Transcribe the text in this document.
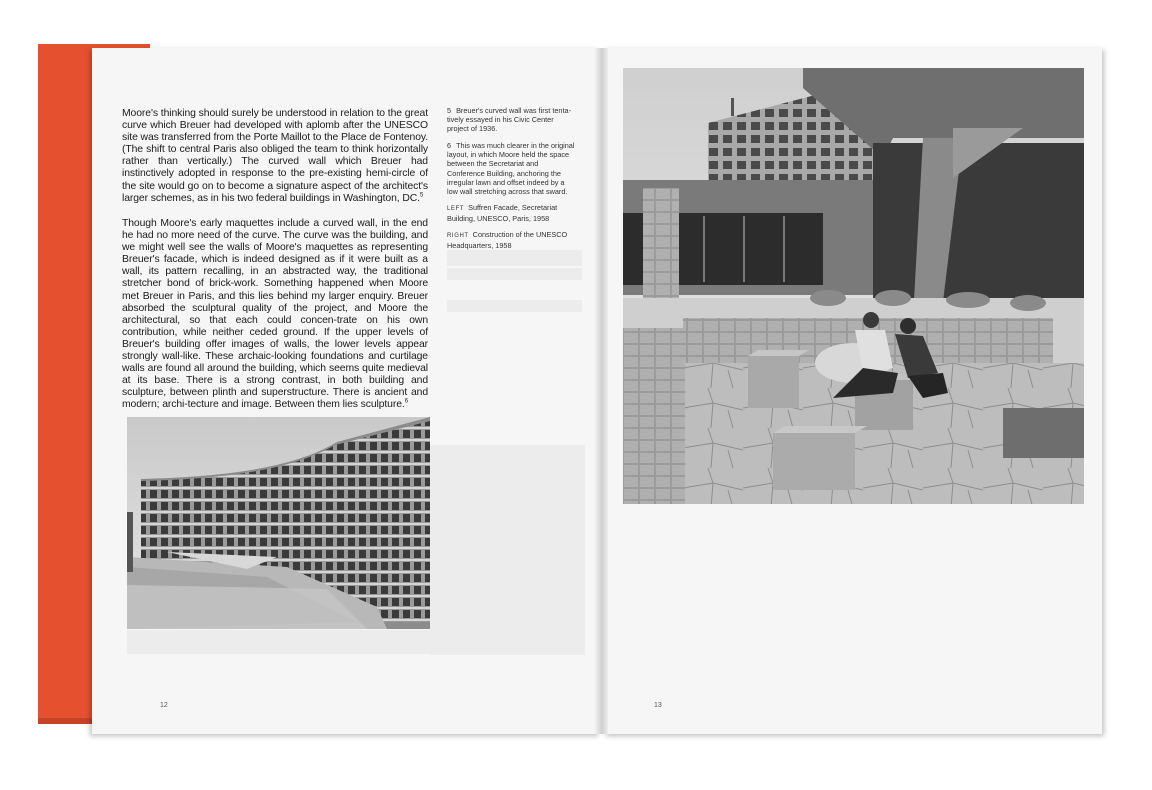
Moore's thinking should surely be understood in relation to the great curve which Breuer had developed with aplomb after the UNESCO site was transferred from the Porte Maillot to the Place de Fontenoy. (The shift to central Paris also obliged the team to think horizontally rather than vertically.) The curved wall which Breuer had instinctively adopted in response to the pre-existing hemi-circle of the site would go on to become a signature aspect of the architect's larger schemes, as in his two federal buildings in Washington, DC.$^5$

Though Moore's early maquettes include a curved wall, in the end he had no more need of the curve. The curve was the building, and we might well see the walls of Moore's maquettes as representing Breuer's facade, which is indeed designed as if it were built as a wall, its pattern recalling, in an abstracted way, the traditional stretcher bond of brick-work. Something happened when Moore met Breuer in Paris, and this lies behind my larger enquiry. Breuer absorbed the sculptural quality of the project, and Moore the architectural, so that each could concen-trate on his own contribution, while neither ceded ground. If the upper levels of Breuer's building offer images of walls, the lower levels appear strongly wall-like. These archaic-looking foundations and curtilage walls are found all around the building, which seems quite medieval at its base. There is a strong contrast, in both building and sculpture, between plinth and superstructure. There is ancient and modern; archi-tecture and image. Between them lies sculpture.$^6$

5 Breuer's curved wall was first tenta-tively essayed in his Civic Center project of 1936.

6 This was much clearer in the original layout, in which Moore held the space between the Secretariat and Conference Building, anchoring the irregular lawn and offset indeed by a low wall stretching across that sward.

LEFT Suffren Facade, Secretariat Building, UNESCO, Paris, 1958

RIGHT Construction of the UNESCO Headquarters, 1958

12	13
